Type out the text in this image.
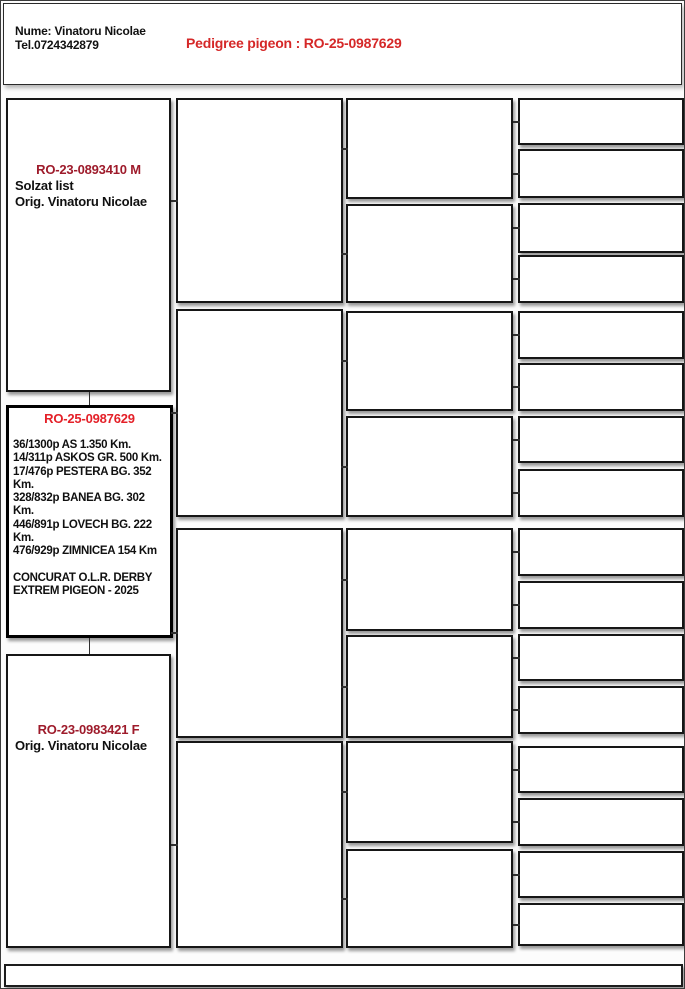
Nume: Vinatoru Nicolae
Tel.0724342879	Pedigree pigeon : RO-25-0987629
RO-23-0893410 M
Solzat list
Orig. Vinatoru Nicolae
RO-25-0987629
36/1300p AS 1.350 Km.
14/311p ASKOS GR. 500 Km.
17/476p PESTERA BG. 352 Km.
328/832p BANEA BG. 302 Km.
446/891p LOVECH BG. 222 Km.
476/929p ZIMNICEA 154 Km
CONCURAT O.L.R. DERBY
EXTREM PIGEON - 2025
RO-23-0983421 F
Orig. Vinatoru Nicolae
